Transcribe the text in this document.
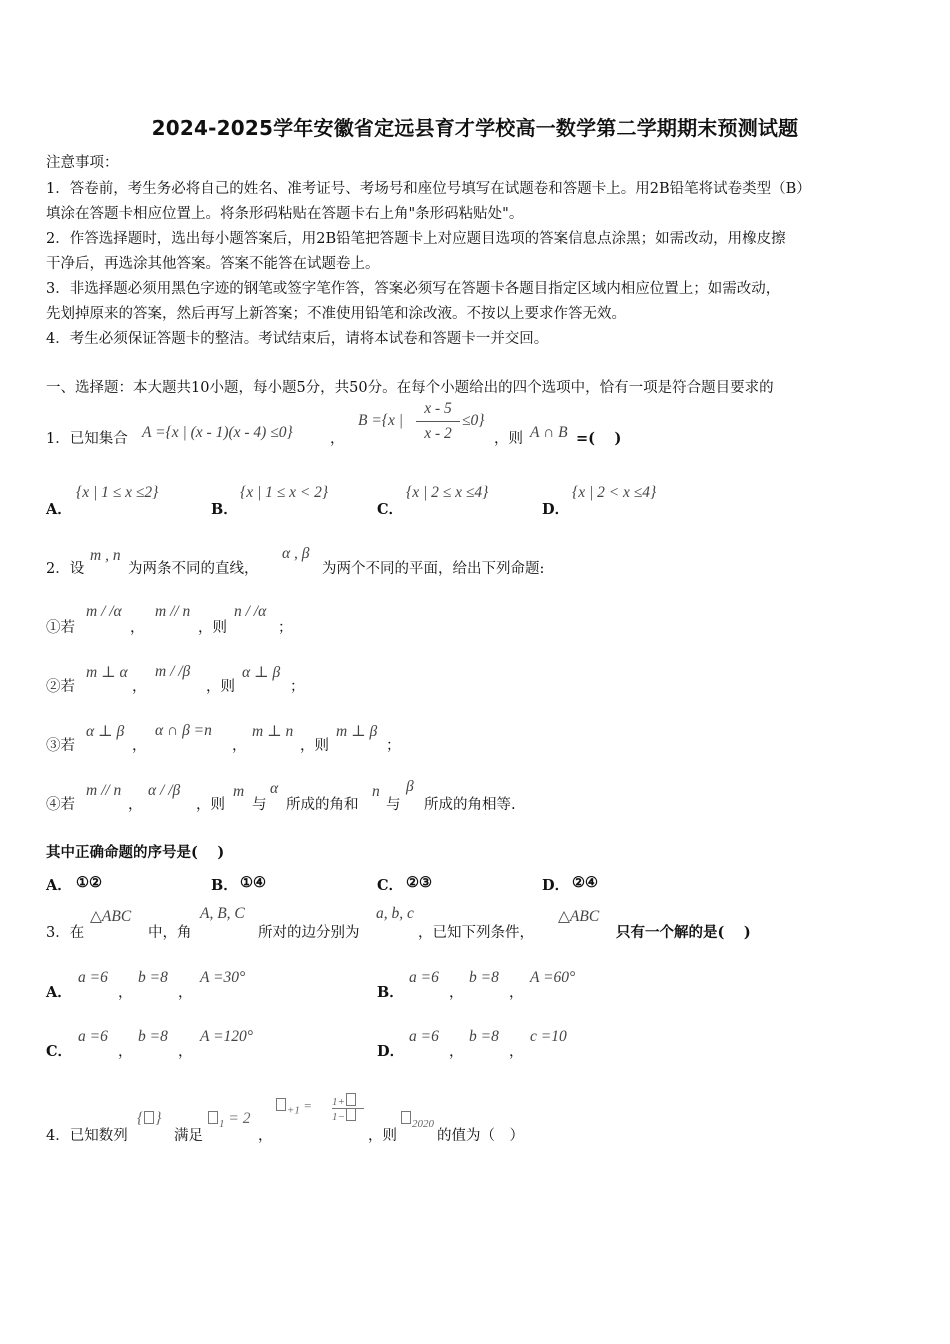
2024-2025学年安徽省定远县育才学校高一数学第二学期期末预测试题
注意事项：
1．答卷前，考生务必将自己的姓名、准考证号、考场号和座位号填写在试题卷和答题卡上。用2B铅笔将试卷类型（B）
填涂在答题卡相应位置上。将条形码粘贴在答题卡右上角"条形码粘贴处"。
2．作答选择题时，选出每小题答案后，用2B铅笔把答题卡上对应题目选项的答案信息点涂黑；如需改动，用橡皮擦
干净后，再选涂其他答案。答案不能答在试题卷上。
3．非选择题必须用黑色字迹的钢笔或签字笔作答，答案必须写在答题卡各题目指定区域内相应位置上；如需改动，
先划掉原来的答案，然后再写上新答案；不准使用铅笔和涂改液。不按以上要求作答无效。
4．考生必须保证答题卡的整洁。考试结束后，请将本试卷和答题卡一并交回。
一、选择题：本大题共10小题，每小题5分，共50分。在每个小题给出的四个选项中，恰有一项是符合题目要求的
1．已知集合 A ={x | (x - 1)(x - 4) ≤0}	，
B ={x |
x - 5
x - 2
≤0}
，则 A ∩ B =(　 )
A．
{x | 1 ≤ x ≤2}
B．
{x | 1 ≤ x < 2}
C．
{x | 2 ≤ x ≤4}
D．
{x | 2 < x ≤4}
2．设
m , n
为两条不同的直线，
α , β
为两个不同的平面，给出下列命题:
①若
m / /α
，
m // n
，则
n / /α
；
②若
m ⊥ α
，
m / /β
，则
α ⊥ β
；
③若
α ⊥ β
，
α ∩ β =n
，
m ⊥ n
，则
m ⊥ β
；
④若
m // n
，
α / /β
，则
m
与
α
所成的角和
n
与
β
所成的角相等.
其中正确命题的序号是(　 )
A． ①②	B． ①④	C． ②③	D． ②④
3．在
△ABC
中，角
A, B, C
所对的边分别为
a, b, c
，已知下列条件，
△ABC
只有一个解的是(　 )
A．
a =6
，
b =8
，
A =30°
B．
a =6
，
b =8
，
A =60°
C．
a =6
，
b =8
，
A =120°
D．
a =6
，
b =8
，
c =10
4．已知数列
{ }
满足
$_1$ = 2
，
$_{+1}$ = 1+
1−
，则
$_{2020}$
的值为（　）
